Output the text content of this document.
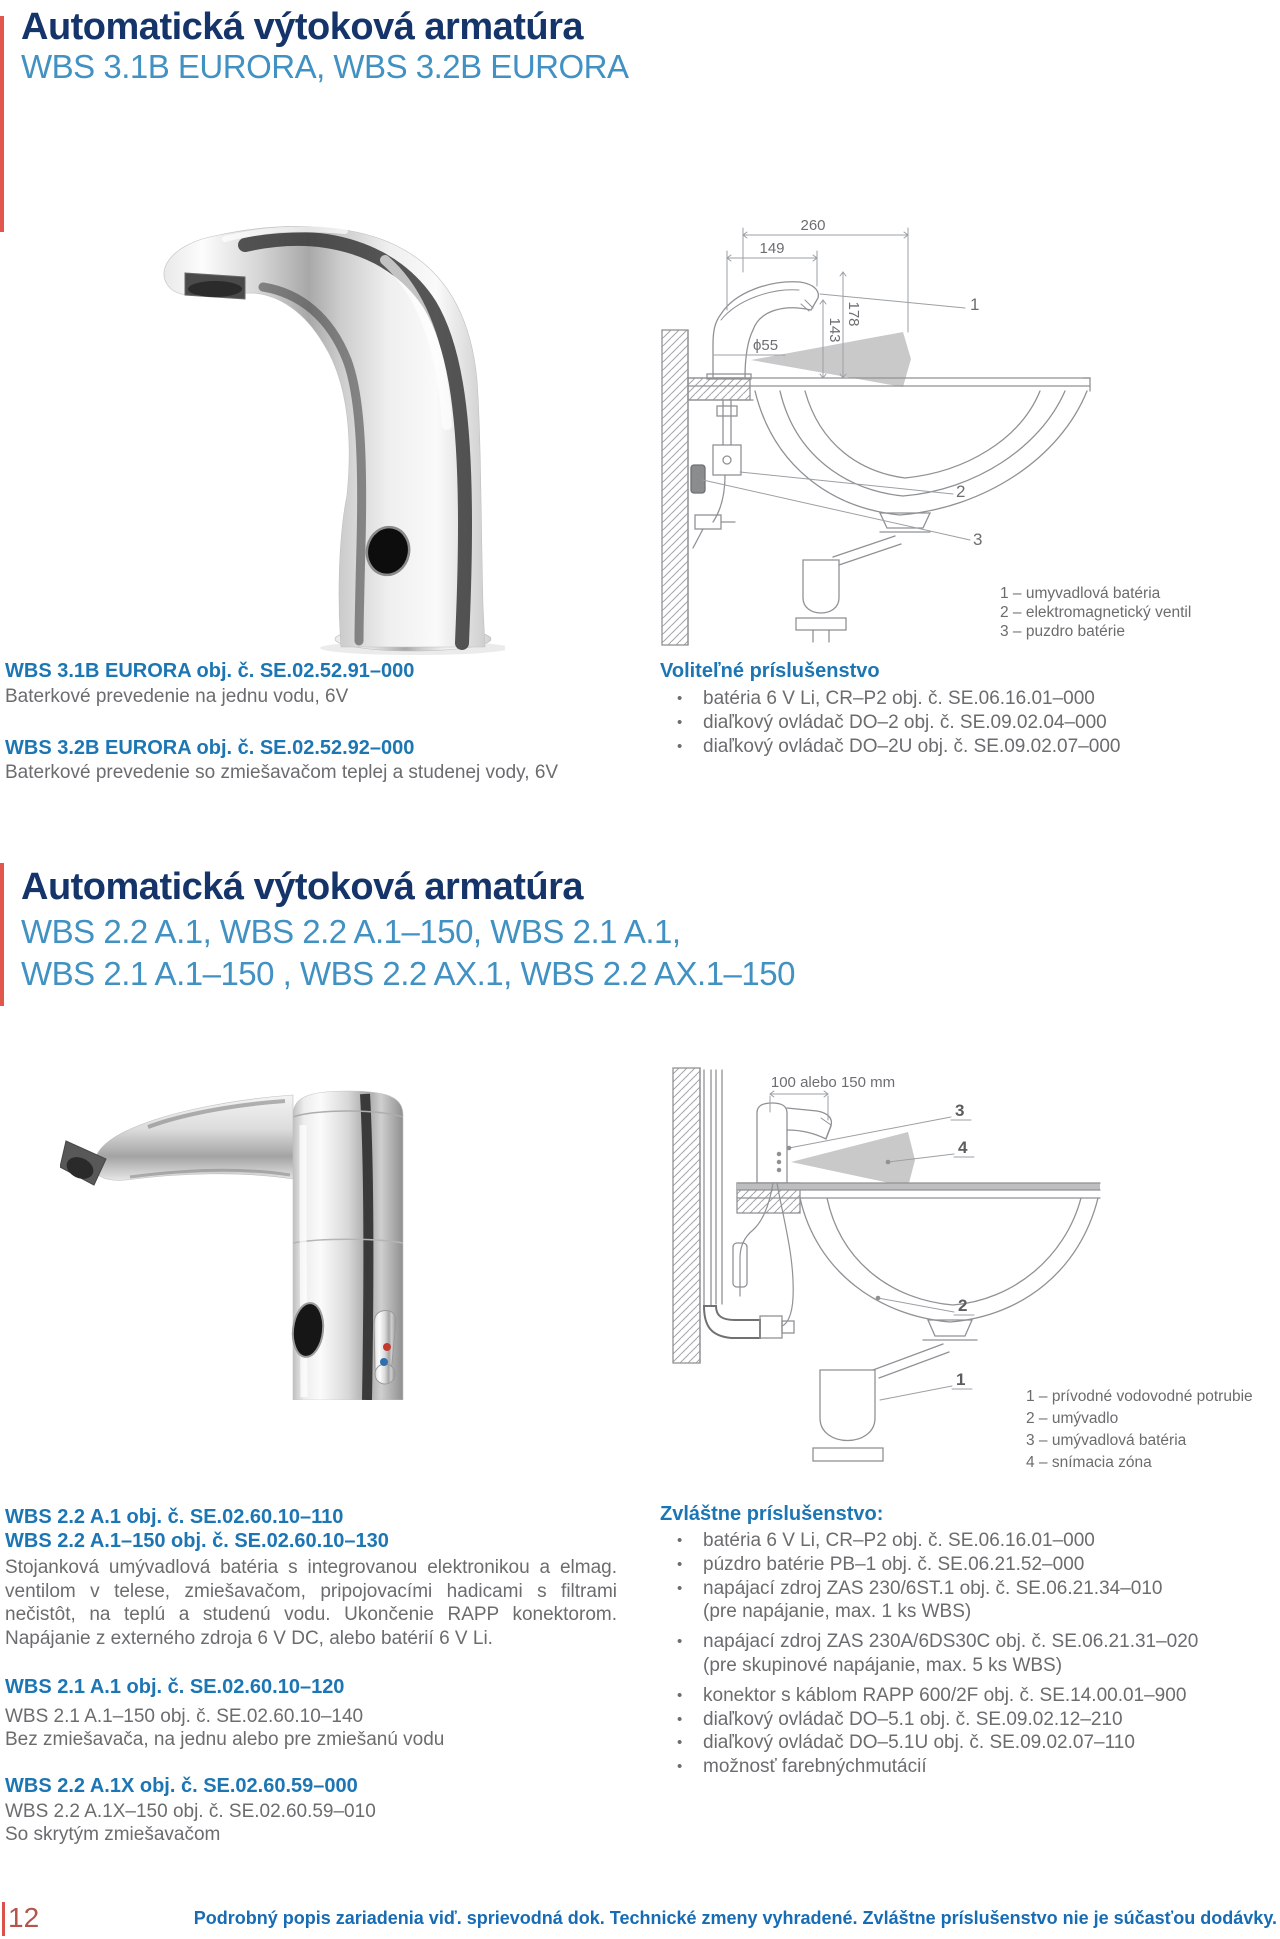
Automatická výtoková armatúra
WBS 3.1B EURORA, WBS 3.2B EURORA
260
149
178
143
ϕ55
1
2
3
1 – umyvadlová batéria
2 – elektromagnetický ventil
3 – puzdro batérie
WBS 3.1B EURORA obj. č. SE.02.52.91–000
Baterkové prevedenie na jednu vodu, 6V
WBS 3.2B EURORA obj. č. SE.02.52.92–000
Baterkové prevedenie so zmiešavačom teplej a studenej vody, 6V
Voliteľné príslušenstvo
• batéria 6 V Li, CR–P2 obj. č. SE.06.16.01–000
• diaľkový ovládač DO–2 obj. č. SE.09.02.04–000
• diaľkový ovládač DO–2U obj. č. SE.09.02.07–000
Automatická výtoková armatúra
WBS 2.2 A.1, WBS 2.2 A.1–150, WBS 2.1 A.1,
WBS 2.1 A.1–150 , WBS 2.2 AX.1, WBS 2.2 AX.1–150
100 alebo 150 mm
3
4
2
1
1 – prívodné vodovodné potrubie
2 – umývadlo
3 – umývadlová batéria
4 – snímacia zóna
WBS 2.2 A.1 obj. č. SE.02.60.10–110
WBS 2.2 A.1–150 obj. č. SE.02.60.10–130
Stojanková umývadlová batéria s integrovanou elektronikou a elmag. ventilom v telese, zmiešavačom, pripojovacími hadicami s filtrami nečistôt, na teplú a studenú vodu. Ukončenie RAPP konektorom. Napájanie z externého zdroja 6 V DC, alebo batérií 6 V Li.
WBS 2.1 A.1 obj. č. SE.02.60.10–120
WBS 2.1 A.1–150 obj. č. SE.02.60.10–140
Bez zmiešavača, na jednu alebo pre zmiešanú vodu
WBS 2.2 A.1X obj. č. SE.02.60.59–000
WBS 2.2 A.1X–150 obj. č. SE.02.60.59–010
So skrytým zmiešavačom
Zvláštne príslušenstvo:
• batéria 6 V Li, CR–P2 obj. č. SE.06.16.01–000
• púzdro batérie PB–1 obj. č. SE.06.21.52–000
• napájací zdroj ZAS 230/6ST.1 obj. č. SE.06.21.34–010
(pre napájanie, max. 1 ks WBS)
• napájací zdroj ZAS 230A/6DS30C obj. č. SE.06.21.31–020
(pre skupinové napájanie, max. 5 ks WBS)
• konektor s káblom RAPP 600/2F obj. č. SE.14.00.01–900
• diaľkový ovládač DO–5.1 obj. č. SE.09.02.12–210
• diaľkový ovládač DO–5.1U obj. č. SE.09.02.07–110
• možnosť farebnýchmutácií
12	Podrobný popis zariadenia viď. sprievodná dok. Technické zmeny vyhradené. Zvláštne príslušenstvo nie je súčasťou dodávky.
